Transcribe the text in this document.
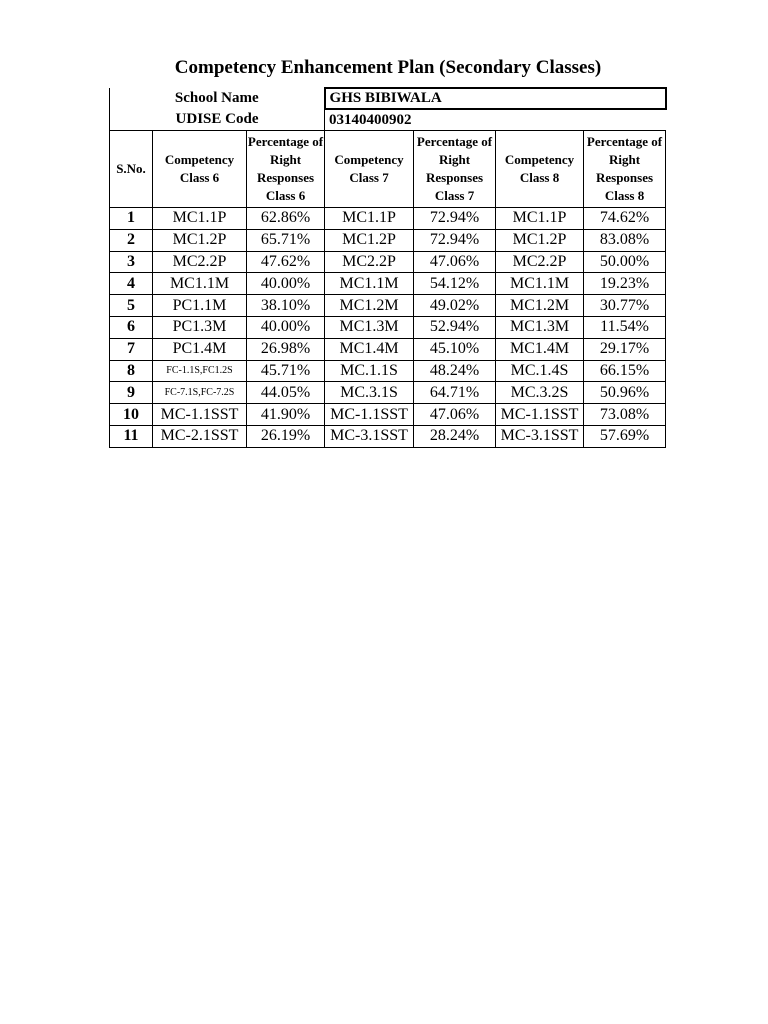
Competency Enhancement Plan (Secondary Classes)
School Name			GHS BIBIWALA			
UDISE Code			03140400902			
S.No.	Competency Class 6	Percentage of Right Responses Class 6	Competency Class 7	Percentage of Right Responses Class 7	Competency Class 8	Percentage of Right Responses Class 8
1	MC1.1P	62.86%	MC1.1P	72.94%	MC1.1P	74.62%
2	MC1.2P	65.71%	MC1.2P	72.94%	MC1.2P	83.08%
3	MC2.2P	47.62%	MC2.2P	47.06%	MC2.2P	50.00%
4	MC1.1M	40.00%	MC1.1M	54.12%	MC1.1M	19.23%
5	PC1.1M	38.10%	MC1.2M	49.02%	MC1.2M	30.77%
6	PC1.3M	40.00%	MC1.3M	52.94%	MC1.3M	11.54%
7	PC1.4M	26.98%	MC1.4M	45.10%	MC1.4M	29.17%
8	FC-1.1S,FC1.2S	45.71%	MC.1.1S	48.24%	MC.1.4S	66.15%
9	FC-7.1S,FC-7.2S	44.05%	MC.3.1S	64.71%	MC.3.2S	50.96%
10	MC-1.1SST	41.90%	MC-1.1SST	47.06%	MC-1.1SST	73.08%
11	MC-2.1SST	26.19%	MC-3.1SST	28.24%	MC-3.1SST	57.69%
